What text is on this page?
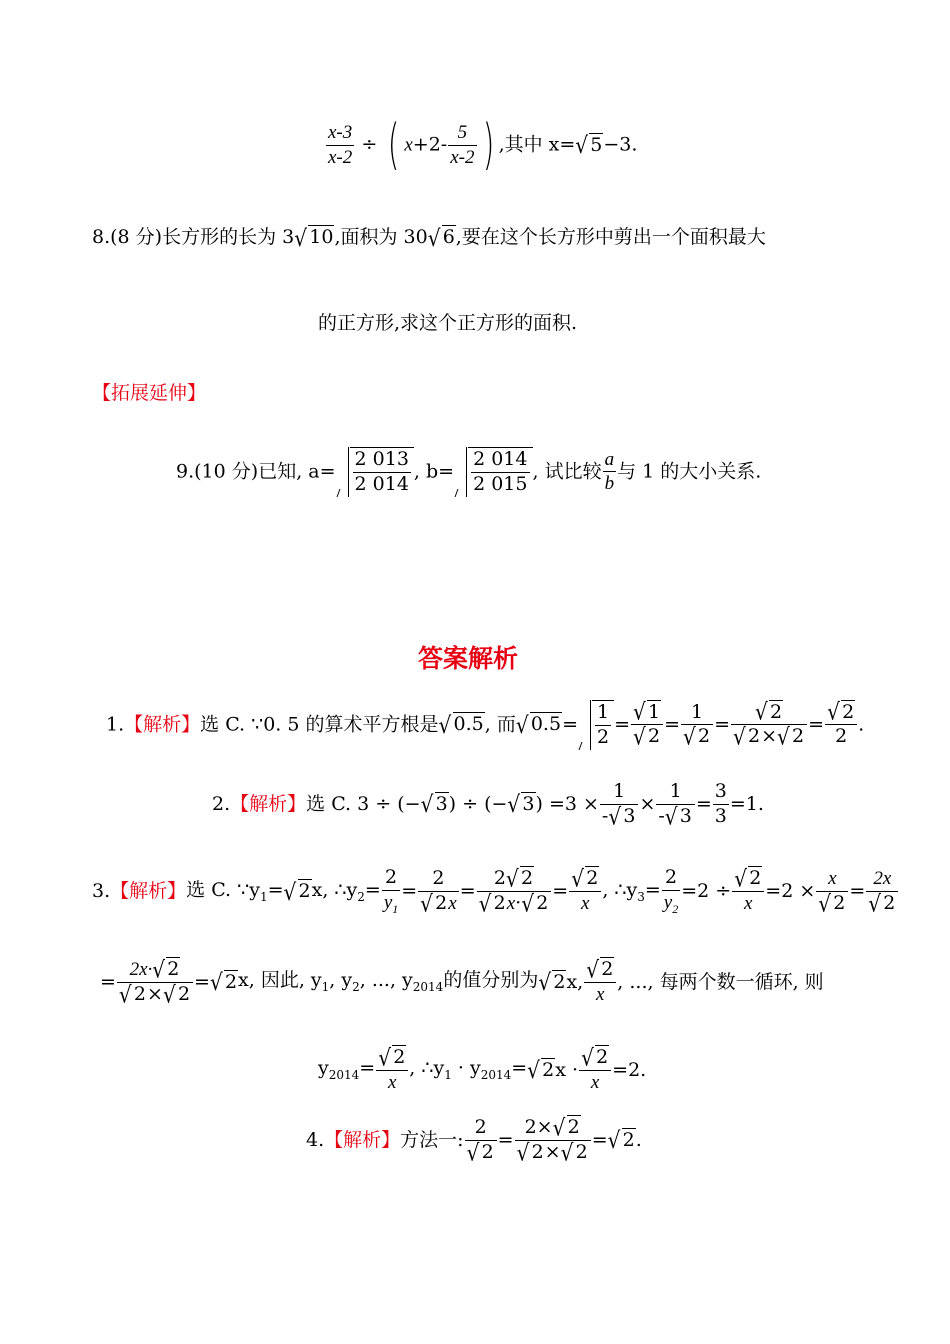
$\frac{x-3}{x-2}$ ÷ ( $x+2- \frac{5}{x-2}$ ) ,其中 x= √ 5−3.
8.(8 分)长方形的长为 3 √ 10,面积为 30 √ 6,要在这个长方形中剪出一个面积最大
的正方形,求这个正方形的面积.
【拓展延伸】
9.(10 分)已知, $a= \frac{2 013}{2 014}$ , $b= \frac{2 014}{2 015}$ , 试比较 $\frac{a}{b}$ 与 1 的大小关系.
答案解析
1.【解析】选 C. ∵0. 5 的算术平方根是 √ 0.5, 而 √ $0.5= \frac{1}{2} = \frac{√ 1}{√ 2} = \frac{1}{√ 2} = \frac{√ 2}{√ 2\times √ 2} = \frac{√ 2}{2}$ .
2.【解析】选 C. 3 ÷ (− √ 3) ÷ (− √ $3) =3 \times \frac{1}{- √ 3} \times \frac{1}{- √ 3} = \frac{3}{3} =1$.
3.【解析】选 C. $\because y_1=$ √ 2x, $\therefore y_2= \frac{2}{y_1} = \frac{2}{√ 2x} = \frac{2 √ 2}{√ 2x\cdot √ 2} = \frac{√ 2}{x}$ , $\therefore y_3= \frac{2}{y_2} =2 \div \frac{√ 2}{x} =2 \times \frac{x}{√ 2} = \frac{2x}{√ 2}$
= $\frac{2x\cdot √ 2}{√ 2\times √ 2}$ = √ 2x, 因此, $y_1$, $y_2$, ..., $y_{2014}$的值分别为 √ 2x, $\frac{√ 2}{x}$ , ..., 每两个数一循环, 则
$y_{2014}= \frac{√ 2}{x}$ , $\therefore y_1 \cdot y_{2014}=$ √ $2x \cdot \frac{√ 2}{x} =2$.
4.【解析】方法一: $\frac{2}{√ 2} = \frac{2\times √ 2}{√ 2\times √ 2}$ = √ 2.
